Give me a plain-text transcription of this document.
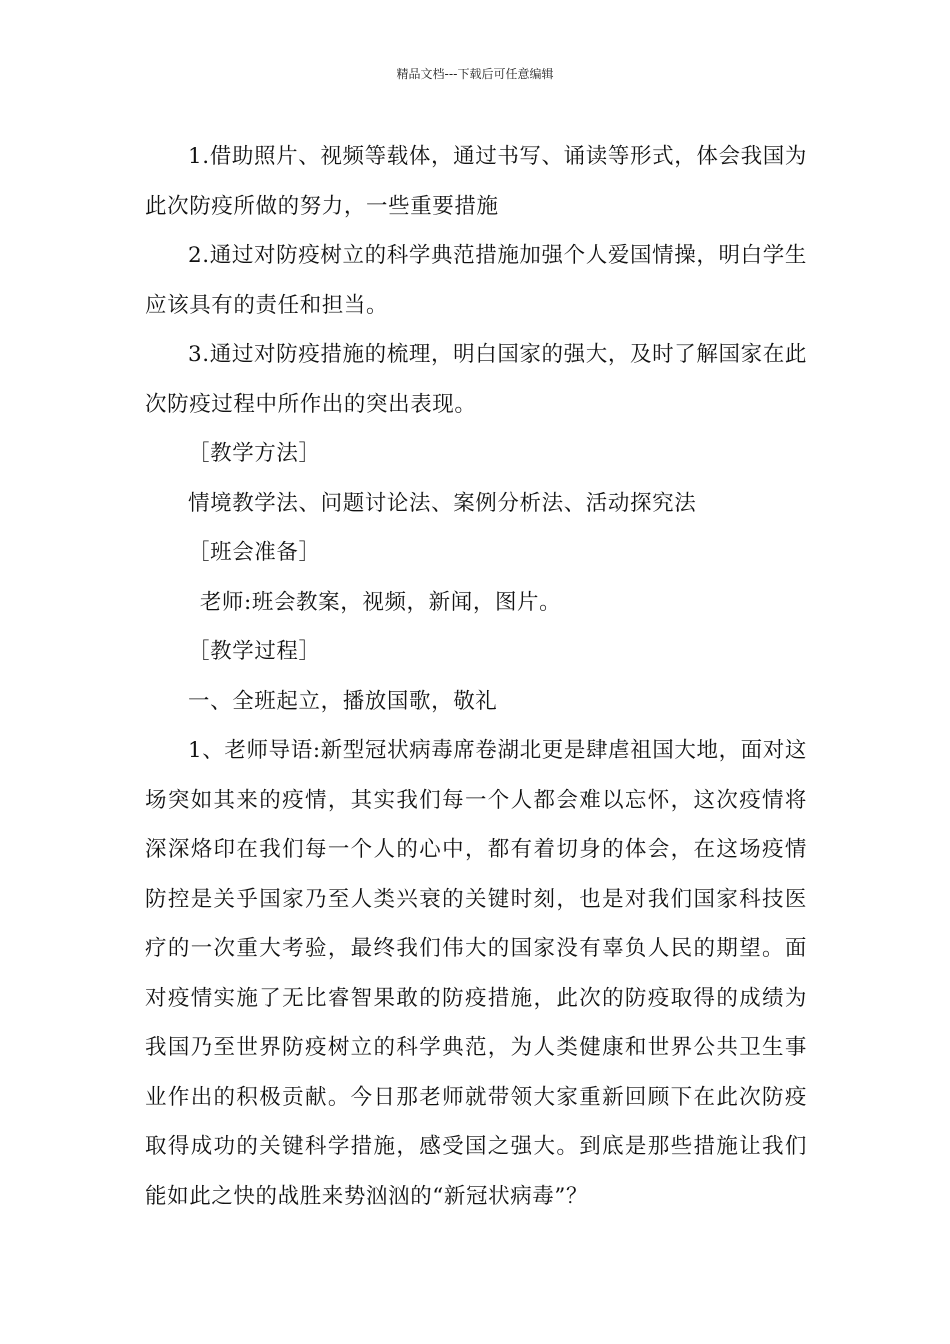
精品文档---下载后可任意编辑

1.借助照片、视频等载体，通过书写、诵读等形式，体会我国为此次防疫所做的努力，一些重要措施

2.通过对防疫树立的科学典范措施加强个人爱国情操，明白学生应该具有的责任和担当。

3.通过对防疫措施的梳理，明白国家的强大，及时了解国家在此次防疫过程中所作出的突出表现。

［教学方法］

情境教学法、问题讨论法、案例分析法、活动探究法

［班会准备］

老师:班会教案，视频，新闻，图片。

［教学过程］

一、全班起立，播放国歌，敬礼

1、老师导语:新型冠状病毒席卷湖北更是肆虐祖国大地，面对这场突如其来的疫情，其实我们每一个人都会难以忘怀，这次疫情将深深烙印在我们每一个人的心中，都有着切身的体会，在这场疫情防控是关乎国家乃至人类兴衰的关键时刻，也是对我们国家科技医疗的一次重大考验，最终我们伟大的国家没有辜负人民的期望。面对疫情实施了无比睿智果敢的防疫措施，此次的防疫取得的成绩为我国乃至世界防疫树立的科学典范，为人类健康和世界公共卫生事业作出的积极贡献。今日那老师就带领大家重新回顾下在此次防疫取得成功的关键科学措施，感受国之强大。到底是那些措施让我们能如此之快的战胜来势汹汹的“新冠状病毒”？
